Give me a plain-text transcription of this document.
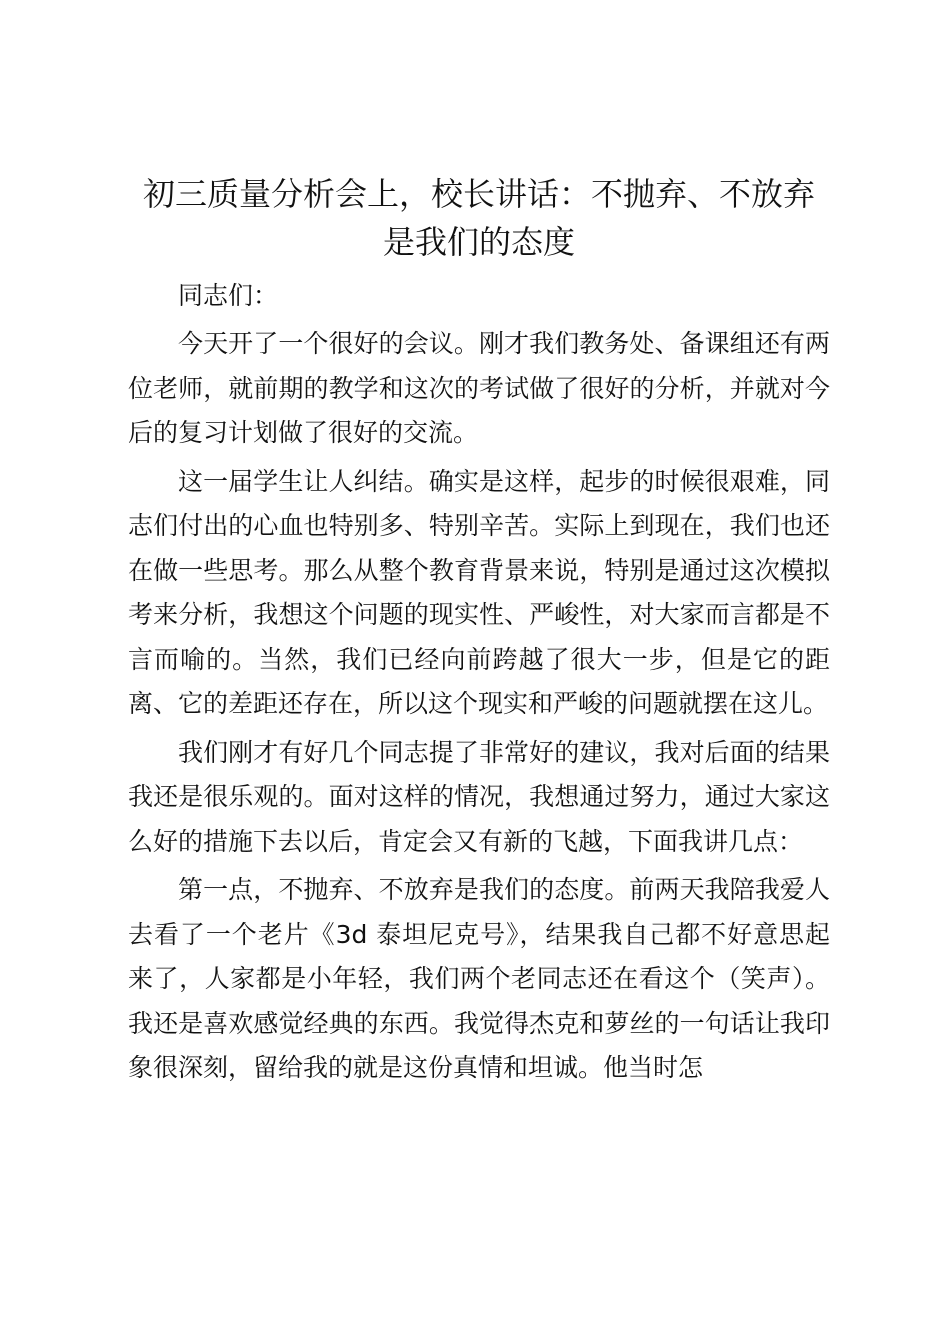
初三质量分析会上，校长讲话：不抛弃、不放弃是我们的态度

同志们：

今天开了一个很好的会议。刚才我们教务处、备课组还有两位老师，就前期的教学和这次的考试做了很好的分析，并就对今后的复习计划做了很好的交流。

这一届学生让人纠结。确实是这样，起步的时候很艰难，同志们付出的心血也特别多、特别辛苦。实际上到现在，我们也还在做一些思考。那么从整个教育背景来说，特别是通过这次模拟考来分析，我想这个问题的现实性、严峻性，对大家而言都是不言而喻的。当然，我们已经向前跨越了很大一步，但是它的距离、它的差距还存在，所以这个现实和严峻的问题就摆在这儿。

我们刚才有好几个同志提了非常好的建议，我对后面的结果我还是很乐观的。面对这样的情况，我想通过努力，通过大家这么好的措施下去以后，肯定会又有新的飞越，下面我讲几点：

第一点，不抛弃、不放弃是我们的态度。前两天我陪我爱人去看了一个老片《3d 泰坦尼克号》，结果我自己都不好意思起来了，人家都是小年轻，我们两个老同志还在看这个（笑声）。我还是喜欢感觉经典的东西。我觉得杰克和萝丝的一句话让我印象很深刻，留给我的就是这份真情和坦诚。他当时怎
